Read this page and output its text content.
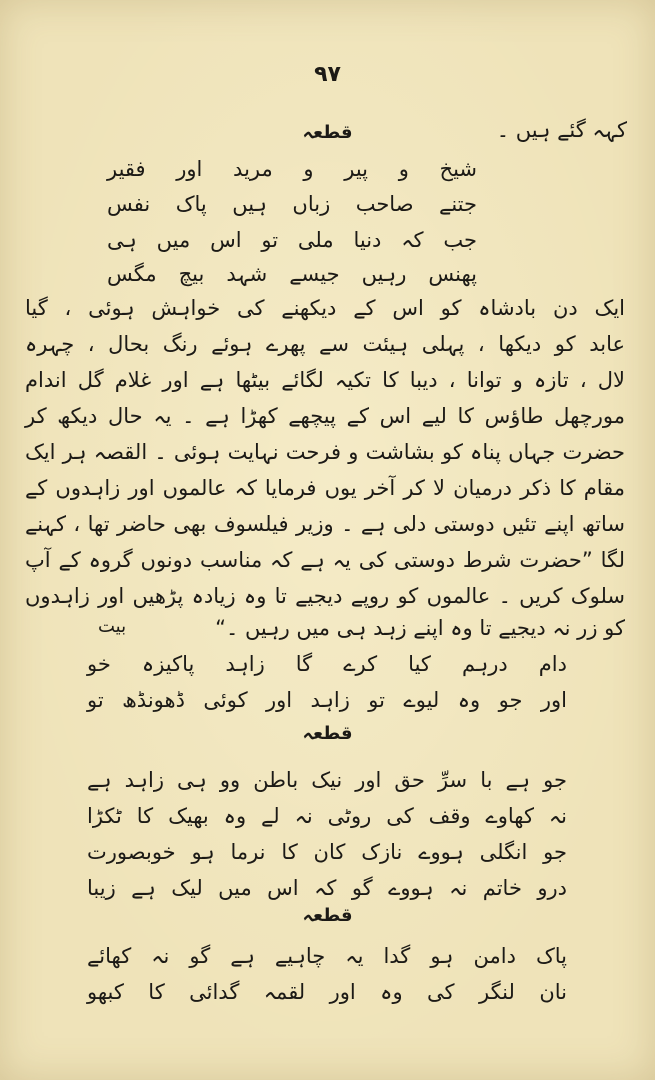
۹۷
کہہ گئے ہیں ۔
قطعہ
شیخ و پیر و مرید اور فقیر
جتنے صاحب زباں ہیں پاک نفس
جب کہ دنیا ملی تو اس میں ہی
پھنس رہیں جیسے شہد بیچ مگس
ایک دن بادشاہ کو اس کے دیکھنے کی خواہش ہوئی ، گیا
عابد کو دیکھا ، پہلی ہیئت سے پھرے ہوئے رنگ بحال ، چہرہ
لال ، تازہ و توانا ، دیبا کا تکیہ لگائے بیٹھا ہے اور غلام گل اندام
مورچھل طاؤس کا لیے اس کے پیچھے کھڑا ہے ۔ یہ حال دیکھ کر
حضرت جہاں پناہ کو بشاشت و فرحت نہایت ہوئی ۔ القصہ ہر ایک
مقام کا ذکر درمیان لا کر آخر یوں فرمایا کہ عالموں اور زاہدوں کے
ساتھ اپنے تئیں دوستی دلی ہے ۔ وزیر فیلسوف بھی حاضر تھا ، کہنے
لگا ”حضرت شرط دوستی کی یہ ہے کہ مناسب دونوں گروہ کے آپ
سلوک کریں ۔ عالموں کو روپے دیجیے تا وہ زیادہ پڑھیں اور زاہدوں
کو زر نہ دیجیے تا وہ اپنے زہد ہی میں رہیں ۔“
بیت
دام درہم کیا کرے گا زاہد پاکیزہ خو
اور جو وہ لیوے تو زاہد اور کوئی ڈھونڈھ تو
قطعہ
جو ہے با سرِّ حق اور نیک باطن وو ہی زاہد ہے
نہ کھاوے وقف کی روٹی نہ لے وہ بھیک کا ٹکڑا
جو انگلی ہووے نازک کان کا نرما ہو خوبصورت
درو خاتم نہ ہووے گو کہ اس میں لیک ہے زیبا
قطعہ
پاک دامن ہو گدا یہ چاہیے ہے گو نہ کھائے
نان لنگر کی وہ اور لقمہ گدائی کا کبھو
